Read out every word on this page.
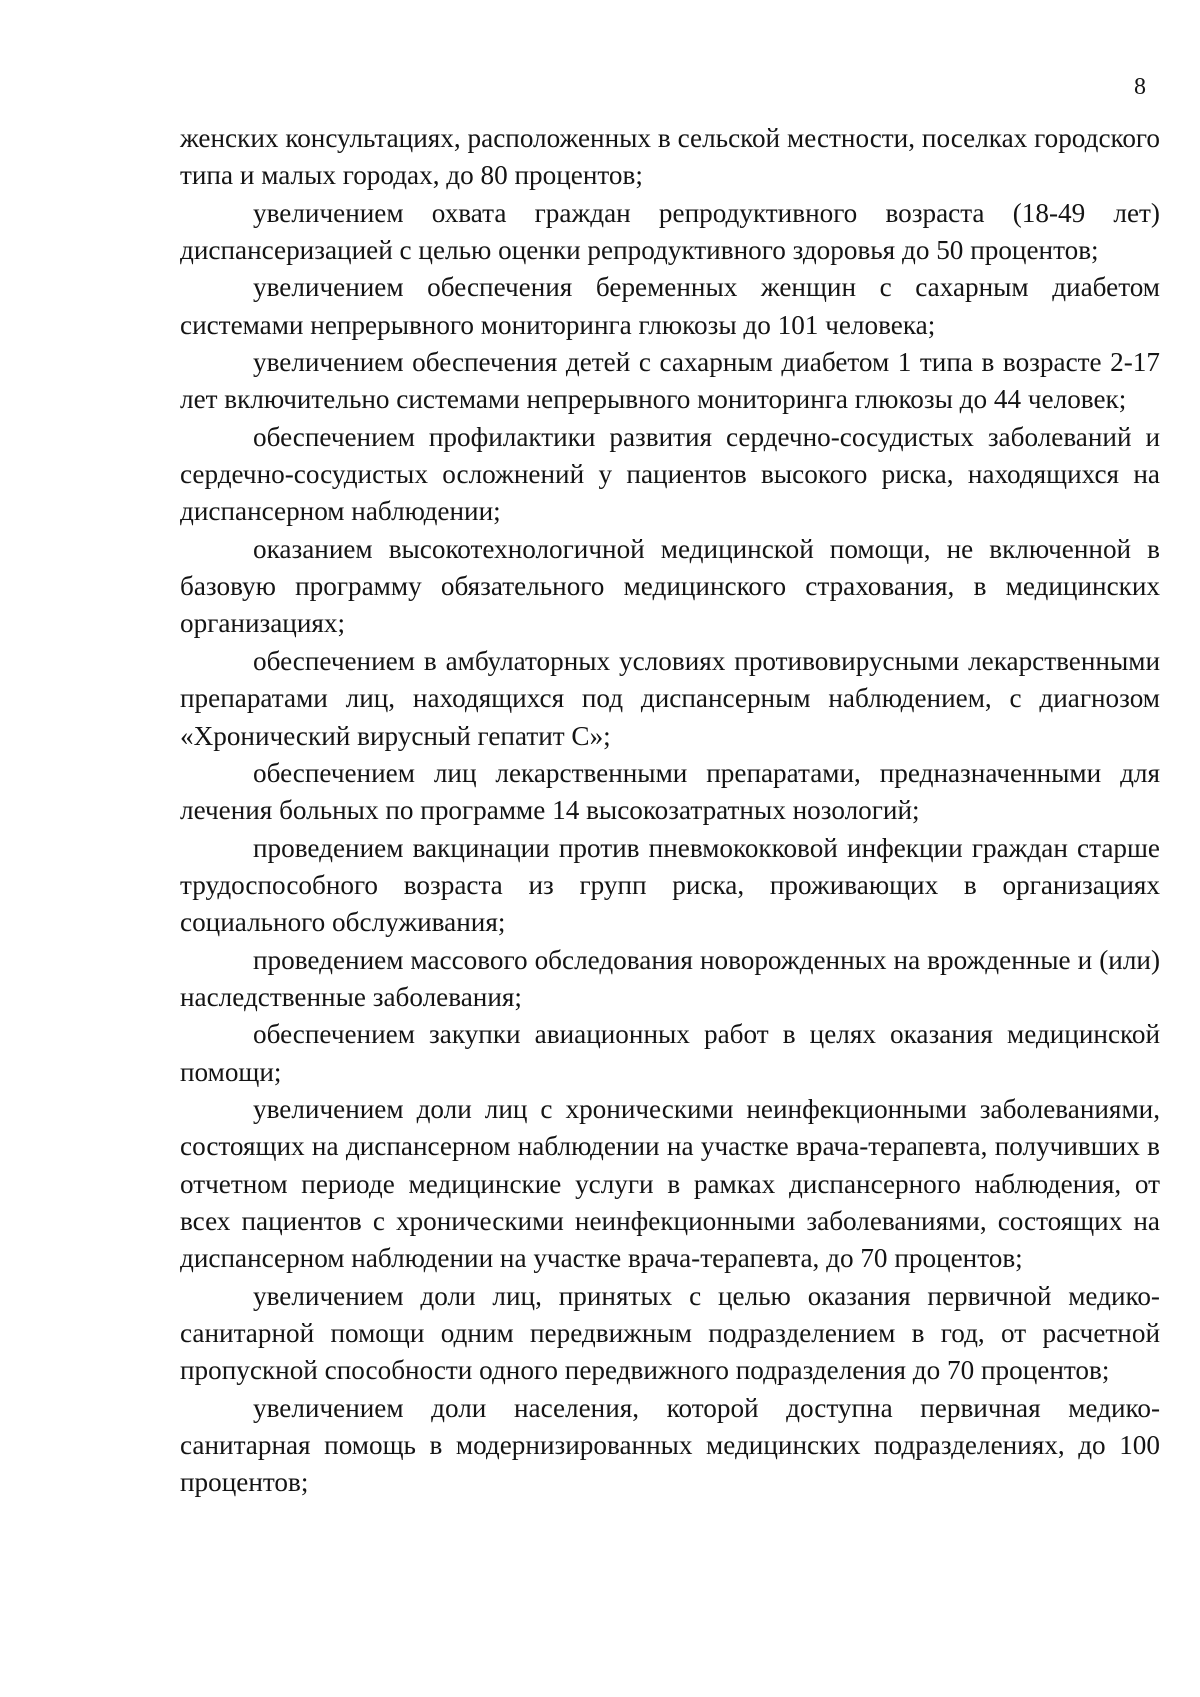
8

женских консультациях, расположенных в сельской местности, поселках городского типа и малых городах, до 80 процентов;

увеличением охвата граждан репродуктивного возраста (18-49 лет) диспансеризацией с целью оценки репродуктивного здоровья до 50 процентов;

увеличением обеспечения беременных женщин с сахарным диабетом системами непрерывного мониторинга глюкозы до 101 человека;

увеличением обеспечения детей с сахарным диабетом 1 типа в возрасте 2-17 лет включительно системами непрерывного мониторинга глюкозы до 44 человек;

обеспечением профилактики развития сердечно-сосудистых заболеваний и сердечно-сосудистых осложнений у пациентов высокого риска, находящихся на диспансерном наблюдении;

оказанием высокотехнологичной медицинской помощи, не включенной в базовую программу обязательного медицинского страхования, в медицинских организациях;

обеспечением в амбулаторных условиях противовирусными лекарственными препаратами лиц, находящихся под диспансерным наблюдением, с диагнозом «Хронический вирусный гепатит С»;

обеспечением лиц лекарственными препаратами, предназначенными для лечения больных по программе 14 высокозатратных нозологий;

проведением вакцинации против пневмококковой инфекции граждан старше трудоспособного возраста из групп риска, проживающих в организациях социального обслуживания;

проведением массового обследования новорожденных на врожденные и (или) наследственные заболевания;

обеспечением закупки авиационных работ в целях оказания медицинской помощи;

увеличением доли лиц с хроническими неинфекционными заболеваниями, состоящих на диспансерном наблюдении на участке врача-терапевта, получивших в отчетном периоде медицинские услуги в рамках диспансерного наблюдения, от всех пациентов с хроническими неинфекционными заболеваниями, состоящих на диспансерном наблюдении на участке врача-терапевта, до 70 процентов;

увеличением доли лиц, принятых с целью оказания первичной медико-санитарной помощи одним передвижным подразделением в год, от расчетной пропускной способности одного передвижного подразделения до 70 процентов;

увеличением доли населения, которой доступна первичная медико-санитарная помощь в модернизированных медицинских подразделениях, до 100 процентов;
